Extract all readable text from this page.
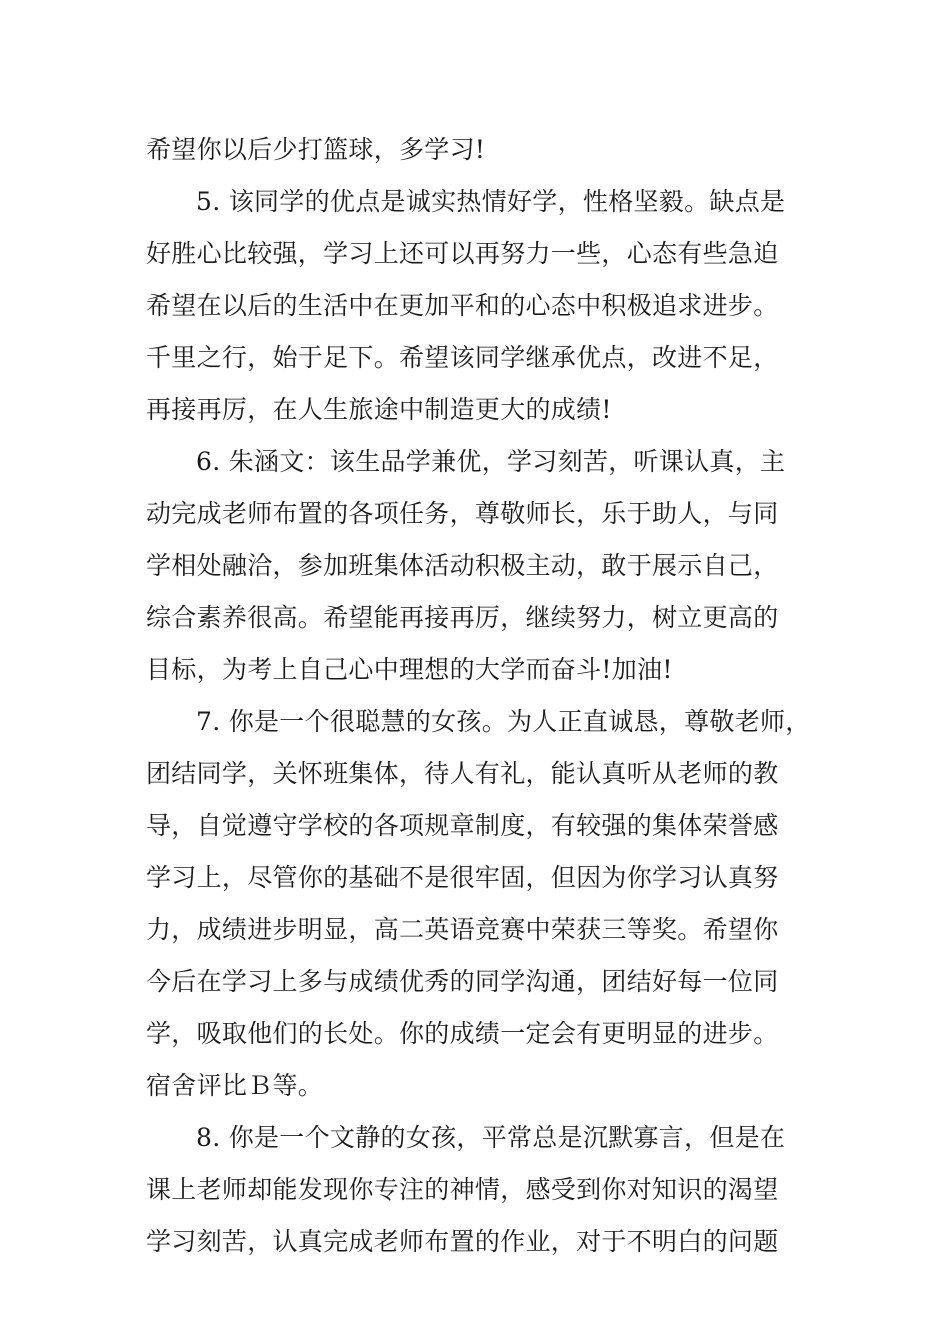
希望你以后少打篮球，多学习!
5. 该同学的优点是诚实热情好学，性格坚毅。缺点是
好胜心比较强，学习上还可以再努力一些，心态有些急迫
希望在以后的生活中在更加平和的心态中积极追求进步。
千里之行，始于足下。希望该同学继承优点，改进不足，
再接再厉，在人生旅途中制造更大的成绩!
6. 朱涵文：该生品学兼优，学习刻苦，听课认真，主
动完成老师布置的各项任务，尊敬师长，乐于助人，与同
学相处融洽，参加班集体活动积极主动，敢于展示自己，
综合素养很高。希望能再接再厉，继续努力，树立更高的
目标，为考上自己心中理想的大学而奋斗!加油!
7. 你是一个很聪慧的女孩。为人正直诚恳，尊敬老师，
团结同学，关怀班集体，待人有礼，能认真听从老师的教
导，自觉遵守学校的各项规章制度，有较强的集体荣誉感
学习上，尽管你的基础不是很牢固，但因为你学习认真努
力，成绩进步明显，高二英语竞赛中荣获三等奖。希望你
今后在学习上多与成绩优秀的同学沟通，团结好每一位同
学，吸取他们的长处。你的成绩一定会有更明显的进步。
宿舍评比Ｂ等。
8. 你是一个文静的女孩，平常总是沉默寡言，但是在
课上老师却能发现你专注的神情，感受到你对知识的渴望
学习刻苦，认真完成老师布置的作业，对于不明白的问题
